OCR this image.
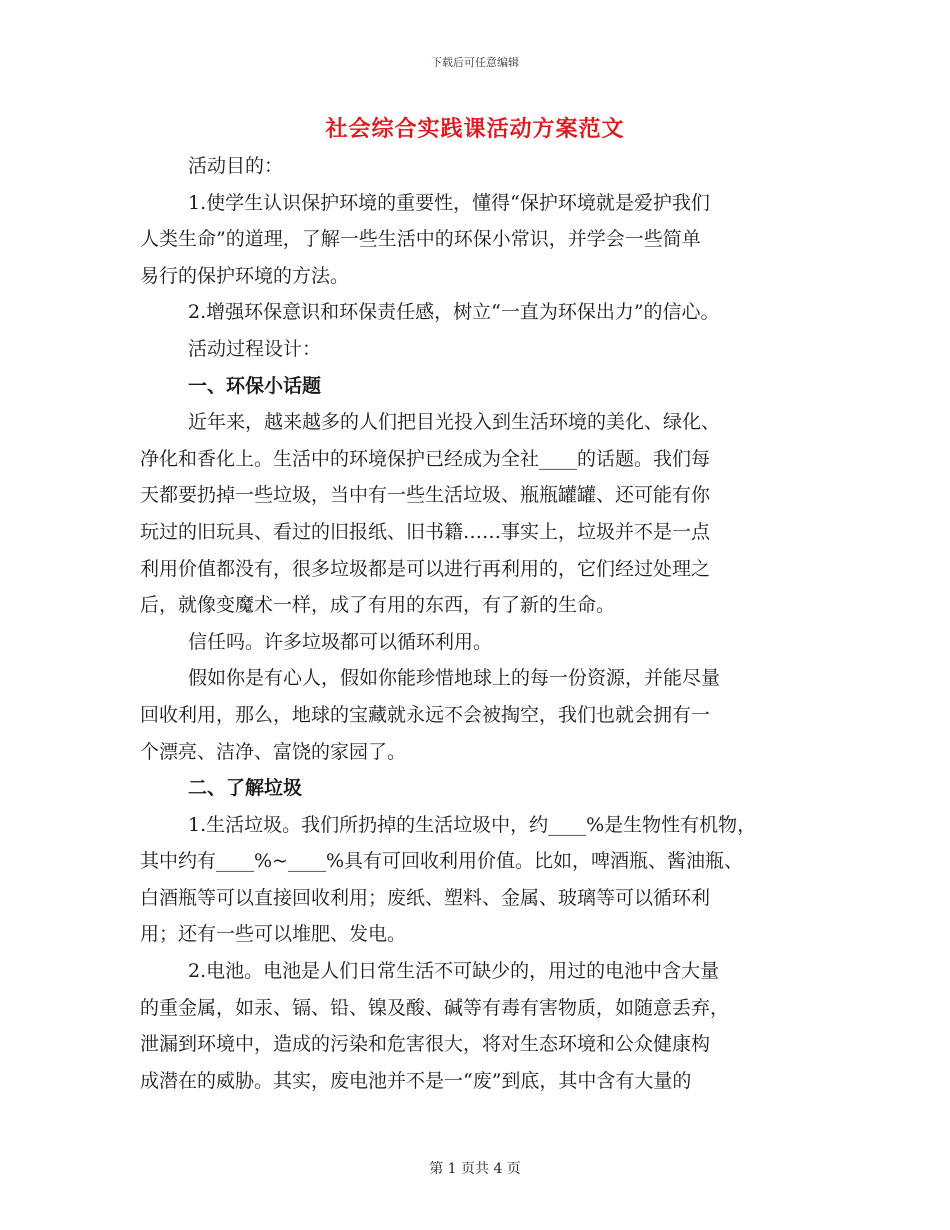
下载后可任意编辑
社会综合实践课活动方案范文
活动目的：
1.使学生认识保护环境的重要性，懂得“保护环境就是爱护我们
人类生命”的道理，了解一些生活中的环保小常识，并学会一些简单
易行的保护环境的方法。
2.增强环保意识和环保责任感，树立“一直为环保出力”的信心。
活动过程设计：
一、环保小话题
近年来，越来越多的人们把目光投入到生活环境的美化、绿化、
净化和香化上。生活中的环境保护已经成为全社____的话题。我们每
天都要扔掉一些垃圾，当中有一些生活垃圾、瓶瓶罐罐、还可能有你
玩过的旧玩具、看过的旧报纸、旧书籍……事实上，垃圾并不是一点
利用价值都没有，很多垃圾都是可以进行再利用的，它们经过处理之
后，就像变魔术一样，成了有用的东西，有了新的生命。
信任吗。许多垃圾都可以循环利用。
假如你是有心人，假如你能珍惜地球上的每一份资源，并能尽量
回收利用，那么，地球的宝藏就永远不会被掏空，我们也就会拥有一
个漂亮、洁净、富饶的家园了。
二、了解垃圾
1.生活垃圾。我们所扔掉的生活垃圾中，约____%是生物性有机物，
其中约有____%~____%具有可回收利用价值。比如，啤酒瓶、酱油瓶、
白酒瓶等可以直接回收利用；废纸、塑料、金属、玻璃等可以循环利
用；还有一些可以堆肥、发电。
2.电池。电池是人们日常生活不可缺少的，用过的电池中含大量
的重金属，如汞、镉、铅、镍及酸、碱等有毒有害物质，如随意丢弃，
泄漏到环境中，造成的污染和危害很大，将对生态环境和公众健康构
成潜在的威胁。其实，废电池并不是一“废”到底，其中含有大量的
第 1 页共 4 页
